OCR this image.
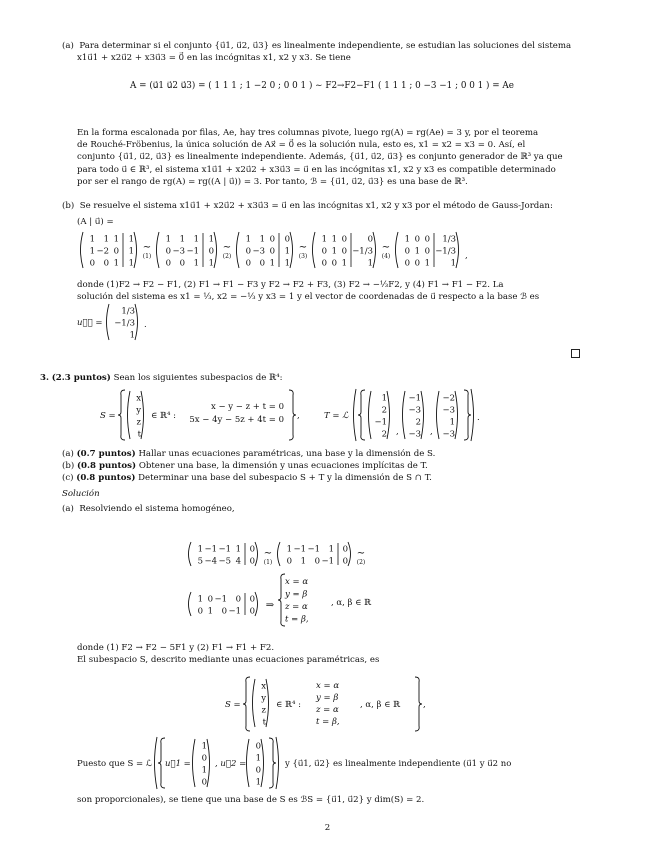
(a) Para determinar si el conjunto {u⃗1, u⃗2, u⃗3} es linealmente independiente, se estudian las soluciones del sistema
x1u⃗1 + x2u⃗2 + x3u⃗3 = 0⃗ en las incógnitas x1, x2 y x3. Se tiene
A = (u⃗1 u⃗2 u⃗3) = ( 1 1 1 ; 1 −2 0 ; 0 0 1 ) ∼ F2→F2−F1 ( 1 1 1 ; 0 −3 −1 ; 0 0 1 ) = Ae
En la forma escalonada por filas, Ae, hay tres columnas pivote, luego rg(A) = rg(Ae) = 3 y, por el teorema
de Rouché-Fröbenius, la única solución de Ax⃗ = 0⃗ es la solución nula, esto es, x1 = x2 = x3 = 0. Así, el
conjunto {u⃗1, u⃗2, u⃗3} es linealmente independiente. Además, {u⃗1, u⃗2, u⃗3} es conjunto generador de ℝ³ ya que
para todo u⃗ ∈ ℝ³, el sistema x1u⃗1 + x2u⃗2 + x3u⃗3 = u⃗ en las incógnitas x1, x2 y x3 es compatible determinado
por ser el rango de rg(A) = rg((A | u⃗)) = 3. Por tanto, ℬ = {u⃗1, u⃗2, u⃗3} es una base de ℝ³.
(b) Se resuelve el sistema x1u⃗1 + x2u⃗2 + x3u⃗3 = u⃗ en las incógnitas x1, x2 y x3 por el método de Gauss-Jordan:
(A | u⃗) =
1 1 1 1
1 −2 0 1
0 0 1 1
∼
(1)
1 1 1 1
0 −3 −1 0
0 0 1 1
∼
(2)
1 1 0 0
0 −3 0 1
0 0 1 1
∼
(3)
1 1 0 0
0 1 0 −1/3
0 0 1 1
∼
(4)
1 0 0 1/3
0 1 0 −1/3
0 0 1 1
,
donde (1)F2 → F2 − F1, (2) F1 → F1 − F3 y F2 → F2 + F3, (3) F2 → −⅓F2, y (4) F1 → F1 − F2. La
solución del sistema es x1 = ⅓, x2 = −⅓ y x3 = 1 y el vector de coordenadas de u⃗ respecto a la base ℬ es
u⃗ℬ =
1/3
−1/3
1
.
3. (2.3 puntos) Sean los siguientes subespacios de ℝ⁴:
S =
x
y
z
t
∈ ℝ⁴ :
x − y − z + t = 0
5x − 4y − 5z + 4t = 0 ,	T = ℒ
1
2
−1
2 ,
−1
−3
2
−3 ,
−2
−3
1
−3
.
(a) (0.7 puntos) Hallar unas ecuaciones paramétricas, una base y la dimensión de S.
(b) (0.8 puntos) Obtener una base, la dimensión y unas ecuaciones implícitas de T.
(c) (0.8 puntos) Determinar una base del subespacio S + T y la dimensión de S ∩ T.
Solución
(a) Resolviendo el sistema homogéneo,
1 −1 −1 1 0
5 −4 −5 4 0
∼
(1)
1 −1 −1 1 0
0 1 0 −1 0
∼
(2)
1 0 −1 0 0
0 1 0 −1 0
⇒
x = α
y = β
z = α
t = β,
, α, β ∈ ℝ
donde (1) F2 → F2 − 5F1 y (2) F1 → F1 + F2.
El subespacio S, descrito mediante unas ecuaciones paramétricas, es
S =
x
y
z
t
∈ ℝ⁴ :
x = α
y = β
z = α
t = β,
, α, β ∈ ℝ	,
Puesto que S = ℒ u⃗1 =
1
0
1
0
, u⃗2 =
0
1
0
1
y {u⃗1, u⃗2} es linealmente independiente (u⃗1 y u⃗2 no
son proporcionales), se tiene que una base de S es ℬS = {u⃗1, u⃗2} y dim(S) = 2.
2
